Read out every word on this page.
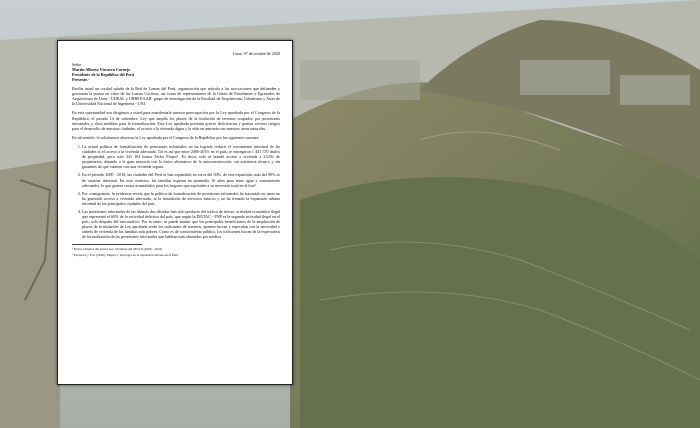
Lima, 07 de octubre de 2020
Señor
Martín Alberto Vizcarra Cornejo
Presidente de la República del Perú
Presente.-

Reciba usted un cordial saludo de la Red de Lomas del Perú, organización que articula a las asociaciones que defienden y gestionan la puesta en valor de las Lomas Costeras, así como de representantes de la Unión de Estudiantes y Egresados de Arquitectura de Lima - UDEAL y URBES-LAB, grupo de investigación de la Facultad de Arquitectura, Urbanismo y Artes de la Universidad Nacional de Ingeniería - UNI.

En esta oportunidad nos dirigimos a usted para manifestarle nuestra preocupación por la Ley aprobada por el Congreso de la República, el pasado 14 de setiembre. Ley que amplía los plazos de la titulación de terrenos ocupados por posesiones informales y dicta medidas para la formalización. Esta Ley aprobada presenta graves deficiencias y genera severos riesgos para el desarrollo de nuestras ciudades, el acceso a la vivienda digna y la vida en armonía con nuestras áreas naturales.

En tal sentido, le solicitamos observar la Ley aprobada por el Congreso de la República por las siguientes razones:

1. La actual política de formalización de posesiones informales no ha logrado reducir el crecimiento informal de las ciudades ni el acceso a la vivienda adecuada. Tal es así que entre 2006-2019, en el país, se entregaron 1 441 370 títulos de propiedad, pero solo 341 104 bonos Techo Propio¹. Es decir, solo se brindó acceso a vivienda a 23,6% de propietarios, dejando a la gran mayoría con la única alternativa de la autoconstrucción, sin asistencia técnica y sin garantías de que cuenten con una vivienda segura.
2. En el periodo 2000 - 2018, las ciudades del Perú se han expandido en cerca del 50%, de esta expansión, más del 90% es de carácter informal. En este contexto, las familias esperan en promedio 16 años para tener agua y saneamiento adecuados, lo que genera costos acumulados para los hogares que equivalen a su inversión total en el lote².
3. Por consiguiente, la evidencia revela que la política de formalización de posesiones informales ha fracasado en tanto no ha generado acceso a vivienda adecuada, ni la instalación de servicios básicos y no ha frenado la expansión urbana informal de las principales ciudades del país.
4. Las posesiones informales de las últimas dos décadas han sido producto del tráfico de tierras, actividad económica ilegal que representó el 60% de la actividad delictiva del país, que según la DIVIAC - PNP es la segunda actividad ilegal en el país, solo después del narcotráfico. Por lo tanto, se puede asumir que los principales beneficiarios de la ampliación de plazos de la titulación de Ley aprobada serán los traficantes de terrenos, quienes lucran y especulan con la necesidad y anhelo de vivienda de las familias más pobres. Como es de conocimiento público, los traficantes lucran de la expectativa de formalización de las posesiones informales que habitan más obtenidas por medios
¹ Datos tomados del portal Geo Vivienda del MVCS (2006 - 2016)
² Espinoza y Fort (2020). Mapeo y tipología de la expansión urbana en el Perú
